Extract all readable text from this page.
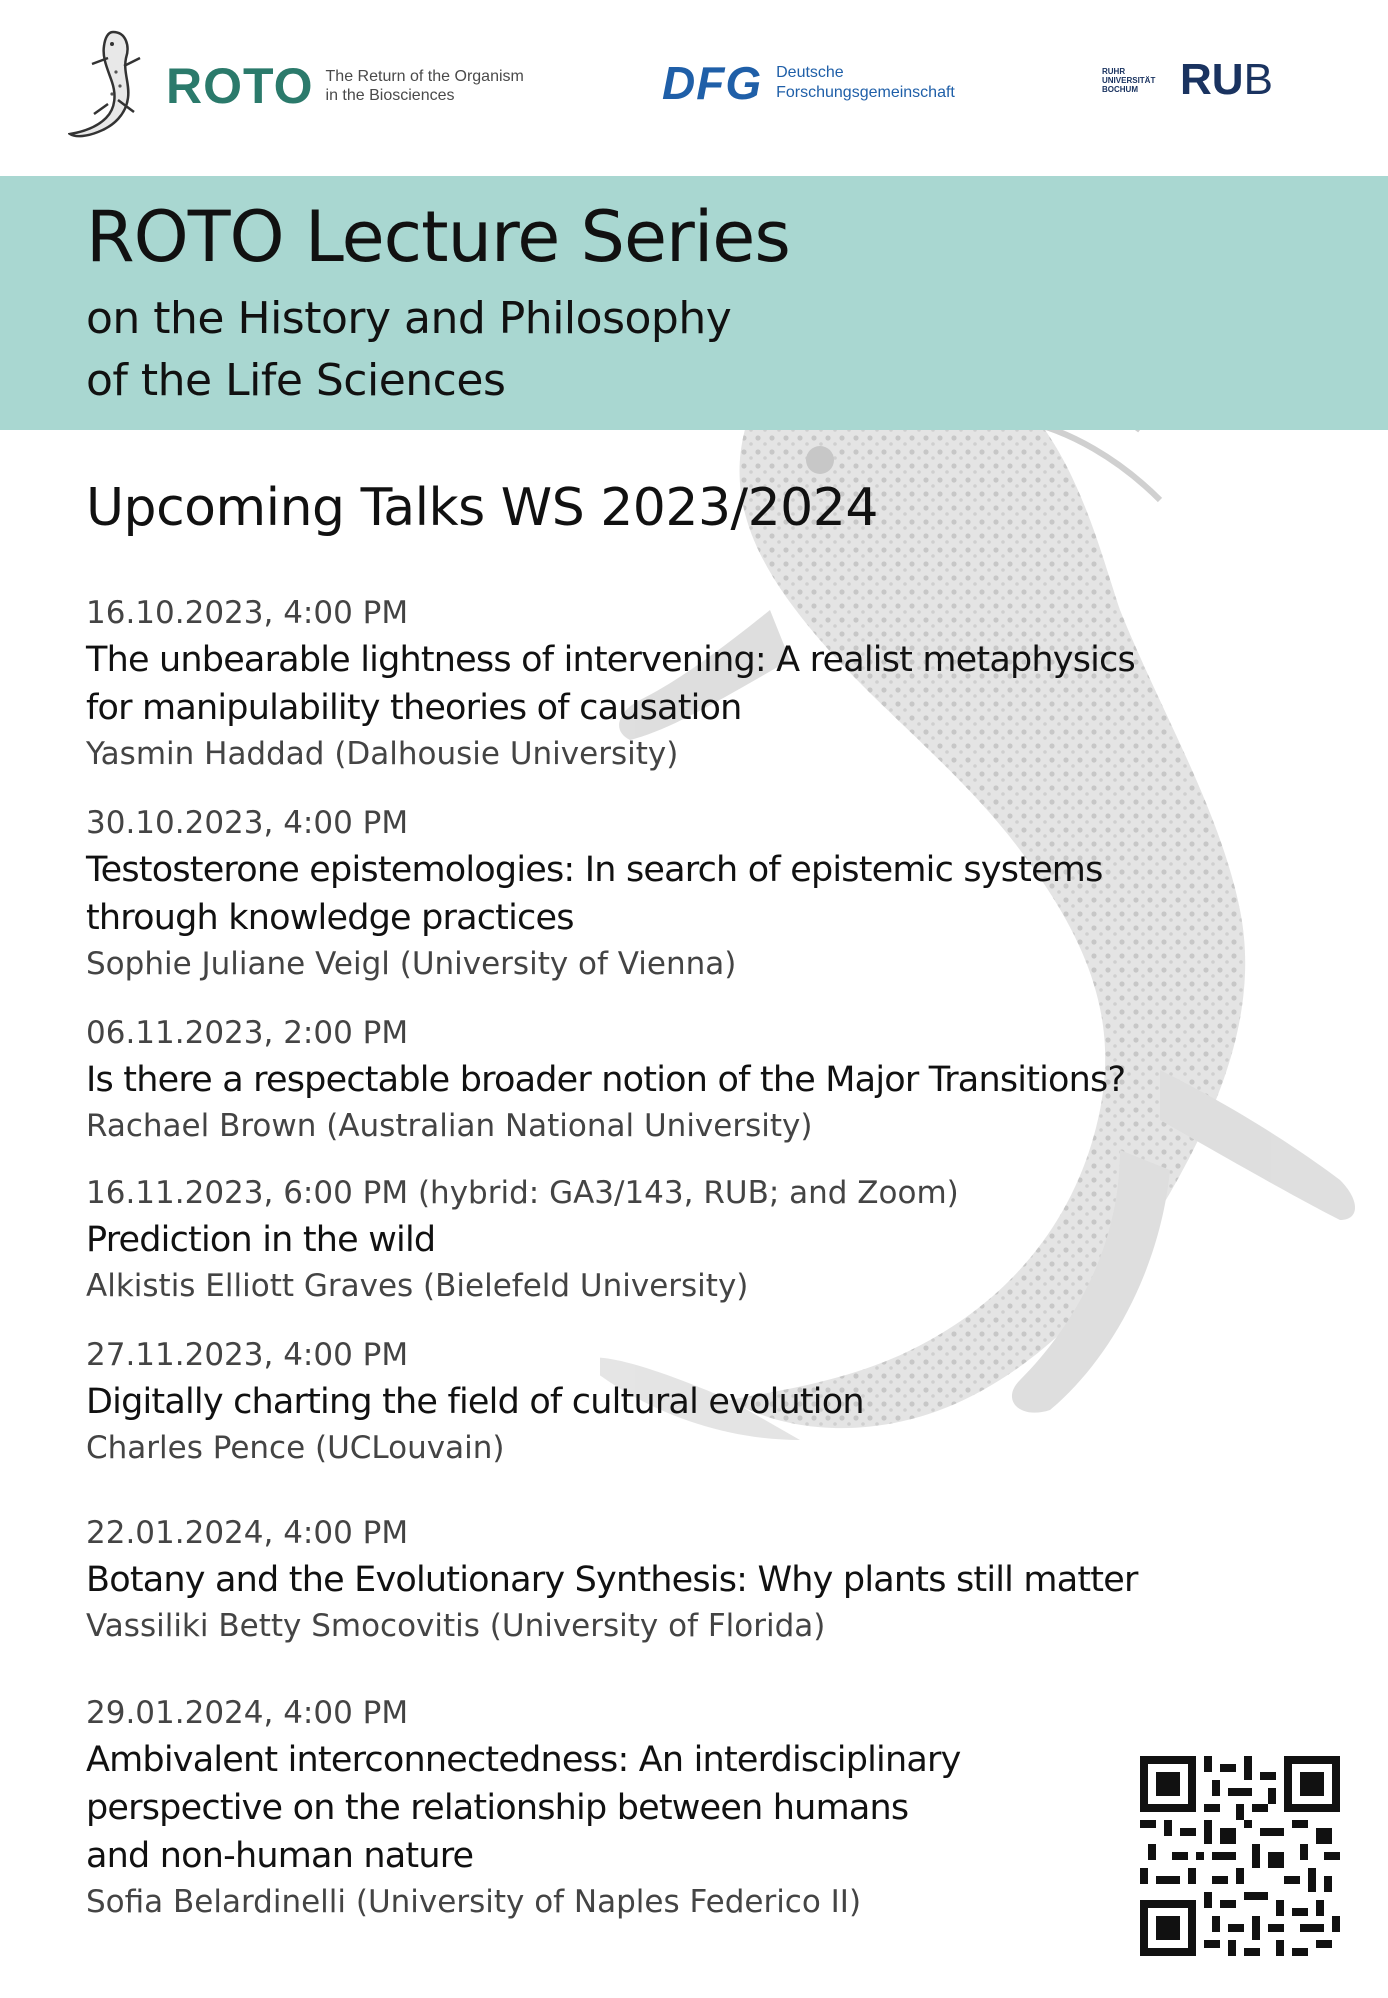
ROTO The Return of the Organism
in the Biosciences	DFG Deutsche
Forschungsgemeinschaft
RUHR
UNIVERSITÄT
BOCHUM RUB
ROTO Lecture Series
on the History and Philosophy
of the Life Sciences
Upcoming Talks WS 2023/2024
16.10.2023, 4:00 PM
The unbearable lightness of intervening: A realist metaphysics
for manipulability theories of causation
Yasmin Haddad (Dalhousie University)
30.10.2023, 4:00 PM
Testosterone epistemologies: In search of epistemic systems
through knowledge practices
Sophie Juliane Veigl (University of Vienna)
06.11.2023, 2:00 PM
Is there a respectable broader notion of the Major Transitions?
Rachael Brown (Australian National University)
16.11.2023, 6:00 PM (hybrid: GA3/143, RUB; and Zoom)
Prediction in the wild
Alkistis Elliott Graves (Bielefeld University)
27.11.2023, 4:00 PM
Digitally charting the field of cultural evolution
Charles Pence (UCLouvain)
22.01.2024, 4:00 PM
Botany and the Evolutionary Synthesis: Why plants still matter
Vassiliki Betty Smocovitis (University of Florida)
29.01.2024, 4:00 PM
Ambivalent interconnectedness: An interdisciplinary
perspective on the relationship between humans
and non-human nature
Sofia Belardinelli (University of Naples Federico II)
